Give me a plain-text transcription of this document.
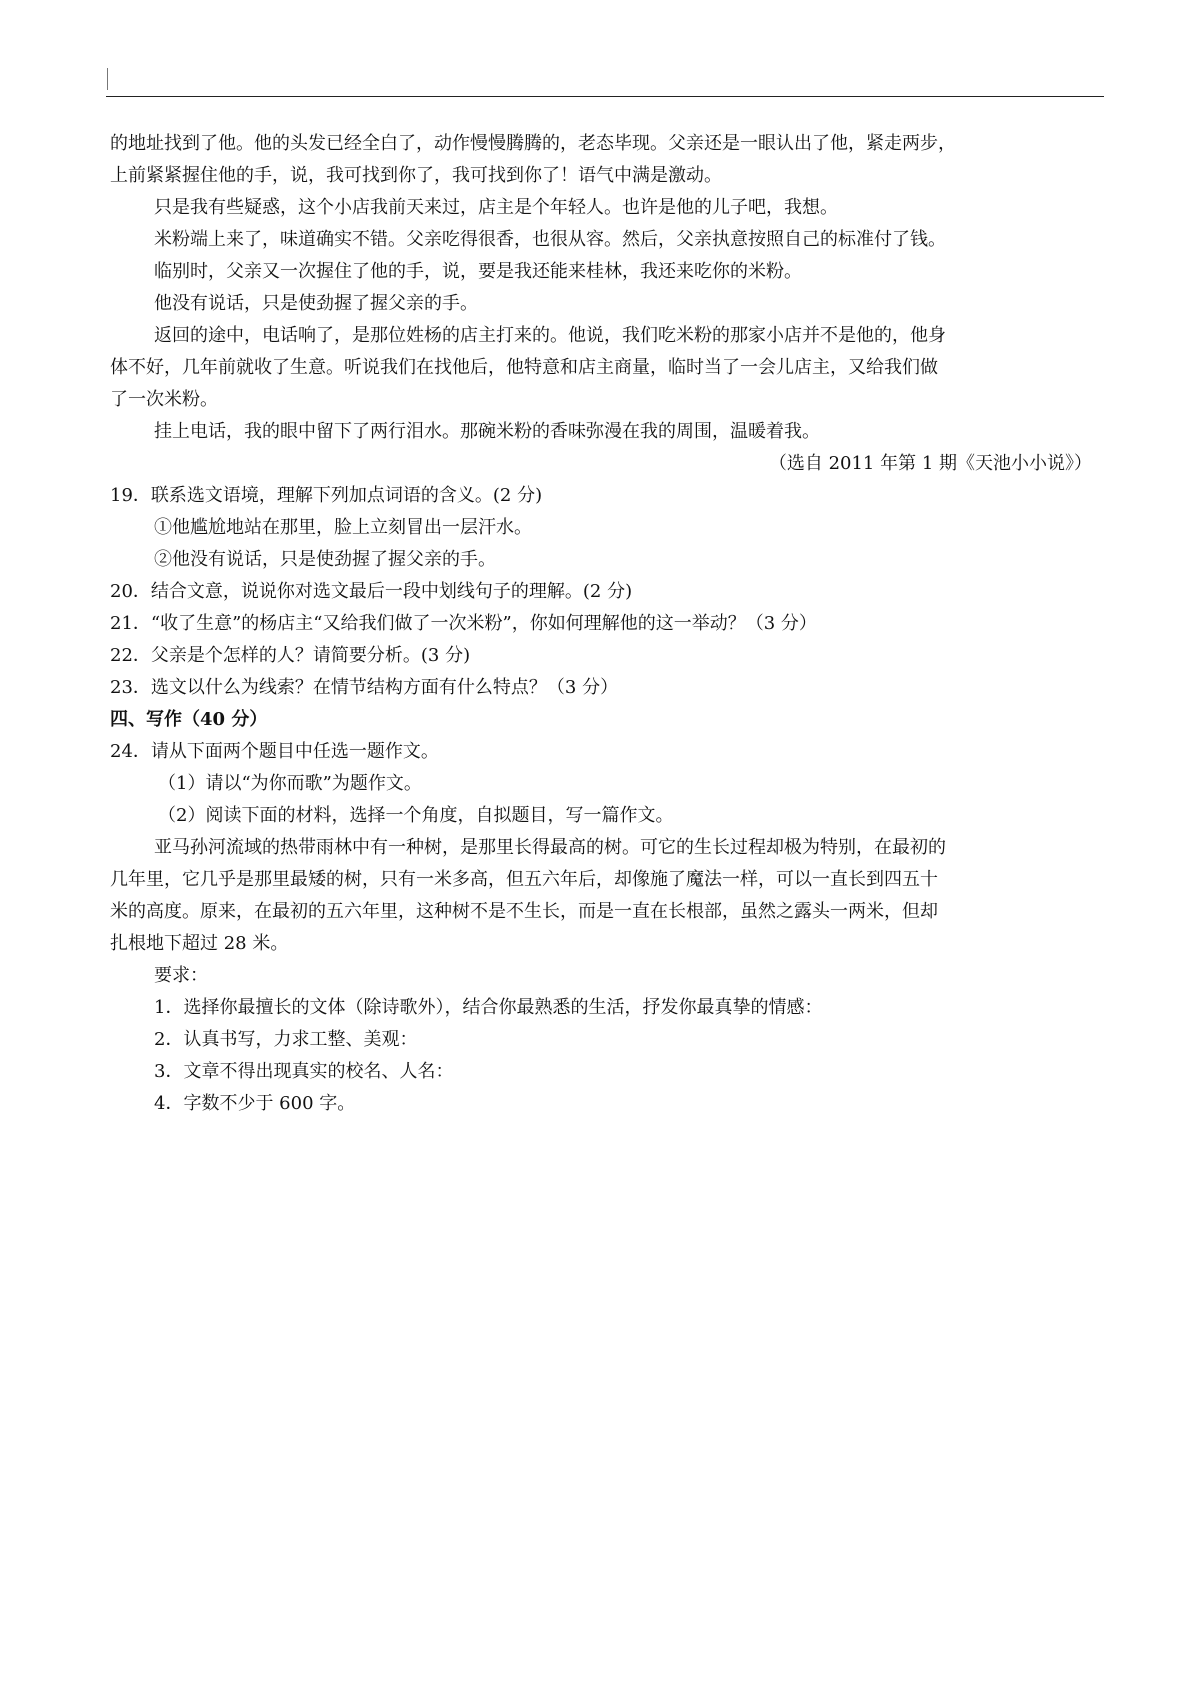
的地址找到了他。他的头发已经全白了，动作慢慢腾腾的，老态毕现。父亲还是一眼认出了他，紧走两步，
上前紧紧握住他的手，说，我可找到你了，我可找到你了！语气中满是激动。
只是我有些疑惑，这个小店我前天来过，店主是个年轻人。也许是他的儿子吧，我想。
米粉端上来了，味道确实不错。父亲吃得很香，也很从容。然后，父亲执意按照自己的标准付了钱。
临别时，父亲又一次握住了他的手，说，要是我还能来桂林，我还来吃你的米粉。
他没有说话，只是使劲握了握父亲的手。
返回的途中，电话响了，是那位姓杨的店主打来的。他说，我们吃米粉的那家小店并不是他的，他身
体不好，几年前就收了生意。听说我们在找他后，他特意和店主商量，临时当了一会儿店主，又给我们做
了一次米粉。
挂上电话，我的眼中留下了两行泪水。那碗米粉的香味弥漫在我的周围，温暖着我。
（选自 2011 年第 1 期《天池小小说》）
19．联系选文语境，理解下列加点词语的含义。(2 分)
①他尴尬地站在那里，脸上立刻冒出一层汗水。
②他没有说话，只是使劲握了握父亲的手。
20．结合文意，说说你对选文最后一段中划线句子的理解。(2 分)
21．“收了生意”的杨店主“又给我们做了一次米粉”，你如何理解他的这一举动？（3 分）
22．父亲是个怎样的人？请简要分析。(3 分)
23．选文以什么为线索？在情节结构方面有什么特点？（3 分）
四、写作（40 分）
24．请从下面两个题目中任选一题作文。
（1）请以“为你而歌”为题作文。
（2）阅读下面的材料，选择一个角度，自拟题目，写一篇作文。
亚马孙河流域的热带雨林中有一种树，是那里长得最高的树。可它的生长过程却极为特别，在最初的
几年里，它几乎是那里最矮的树，只有一米多高，但五六年后，却像施了魔法一样，可以一直长到四五十
米的高度。原来，在最初的五六年里，这种树不是不生长，而是一直在长根部，虽然之露头一两米，但却
扎根地下超过 28 米。
要求：
1．选择你最擅长的文体（除诗歌外），结合你最熟悉的生活，抒发你最真挚的情感：
2．认真书写，力求工整、美观：
3．文章不得出现真实的校名、人名：
4．字数不少于 600 字。
